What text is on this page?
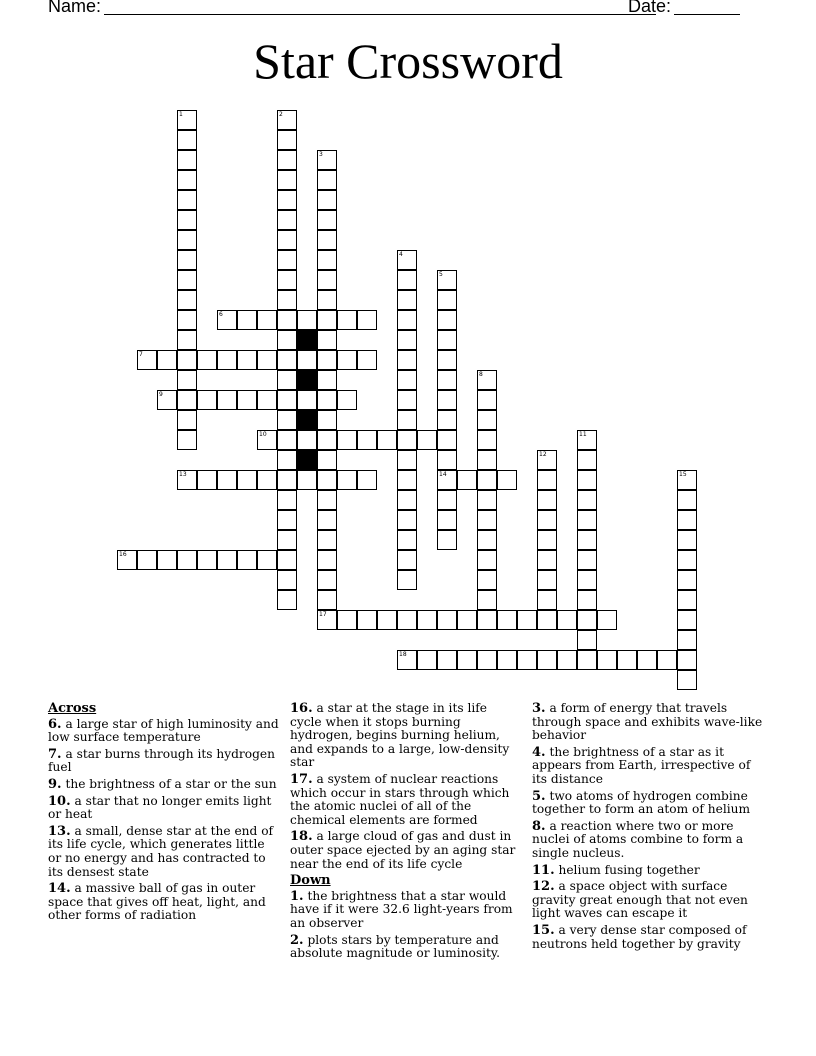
Name:	Date:
Star Crossword
6
7
9
10
13	14
16
17
18
1	2
3
4
5
8
11
12
15
Across
6. a large star of high luminosity and low surface temperature
7. a star burns through its hydrogen fuel
9. the brightness of a star or the sun
10. a star that no longer emits light or heat
13. a small, dense star at the end of its life cycle, which generates little or no energy and has contracted to its densest state
14. a massive ball of gas in outer space that gives off heat, light, and other forms of radiation
16. a star at the stage in its life cycle when it stops burning hydrogen, begins burning helium, and expands to a large, low-density star
17. a system of nuclear reactions which occur in stars through which the atomic nuclei of all of the chemical elements are formed
18. a large cloud of gas and dust in outer space ejected by an aging star near the end of its life cycle
Down
1. the brightness that a star would have if it were 32.6 light-years from an observer
2. plots stars by temperature and absolute magnitude or luminosity.
3. a form of energy that travels through space and exhibits wave-like behavior
4. the brightness of a star as it appears from Earth, irrespective of its distance
5. two atoms of hydrogen combine together to form an atom of helium
8. a reaction where two or more nuclei of atoms combine to form a single nucleus.
11. helium fusing together
12. a space object with surface gravity great enough that not even light waves can escape it
15. a very dense star composed of neutrons held together by gravity
